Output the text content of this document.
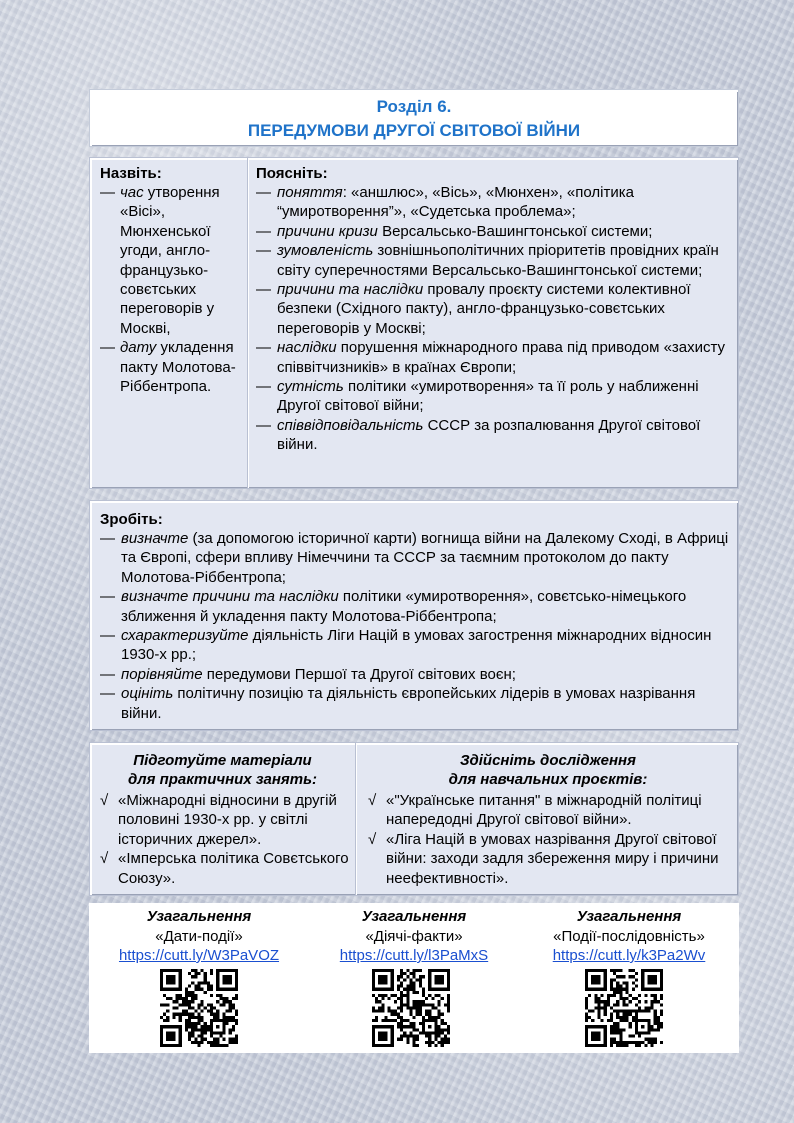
Розділ 6.
ПЕРЕДУМОВИ ДРУГОЇ СВІТОВОЇ ВІЙНИ
Назвіть:
— час утворення «Вісі», Мюнхенської угоди, англо-французько-совєтських переговорів у Москві,
— дату укладення пакту Молотова-Ріббентропа.
Поясніть:
— поняття: «аншлюс», «Вісь», «Мюнхен», «політика “умиротворення”», «Судетська проблема»;
— причини кризи Версальсько-Вашингтонської системи;
— зумовленість зовнішньополітичних пріоритетів провідних країн світу суперечностями Версальсько-Вашингтонської системи;
— причини та наслідки провалу проєкту системи колективної безпеки (Східного пакту), англо-французько-совєтських переговорів у Москві;
— наслідки порушення міжнародного права під приводом «захисту співвітчизників» в країнах Європи;
— сутність політики «умиротворення» та її роль у наближенні Другої світової війни;
— співвідповідальність СССР за розпалювання Другої світової війни.
Зробіть:
— визначте (за допомогою історичної карти) вогнища війни на Далекому Сході, в Африці та Європі, сфери впливу Німеччини та СССР за таємним протоколом до пакту Молотова-Ріббентропа;
— визначте причини та наслідки політики «умиротворення», совєтсько-німецького зближення й укладення пакту Молотова-Ріббентропа;
— схарактеризуйте діяльність Ліги Націй в умовах загострення міжнародних відносин 1930-х рр.;
— порівняйте передумови Першої та Другої світових воєн;
— оцініть політичну позицію та діяльність європейських лідерів в умовах назрівання війни.
Підготуйте матеріали
для практичних занять:
√ «Міжнародні відносини в другій половині 1930-х рр. у світлі історичних джерел».
√ «Імперська політика Совєтського Союзу».
Здійсніть дослідження
для навчальних проєктів:
√ «"Українське питання" в міжнародній політиці напередодні Другої світової війни».
√ «Ліга Націй в умовах назрівання Другої світової війни: заходи задля збереження миру і причини неефективності».
Узагальнення
«Дати-події»
https://cutt.ly/W3PaVOZ
Узагальнення
«Діячі-факти»
https://cutt.ly/l3PaMxS
Узагальнення
«Події-послідовність»
https://cutt.ly/k3Pa2Wv
